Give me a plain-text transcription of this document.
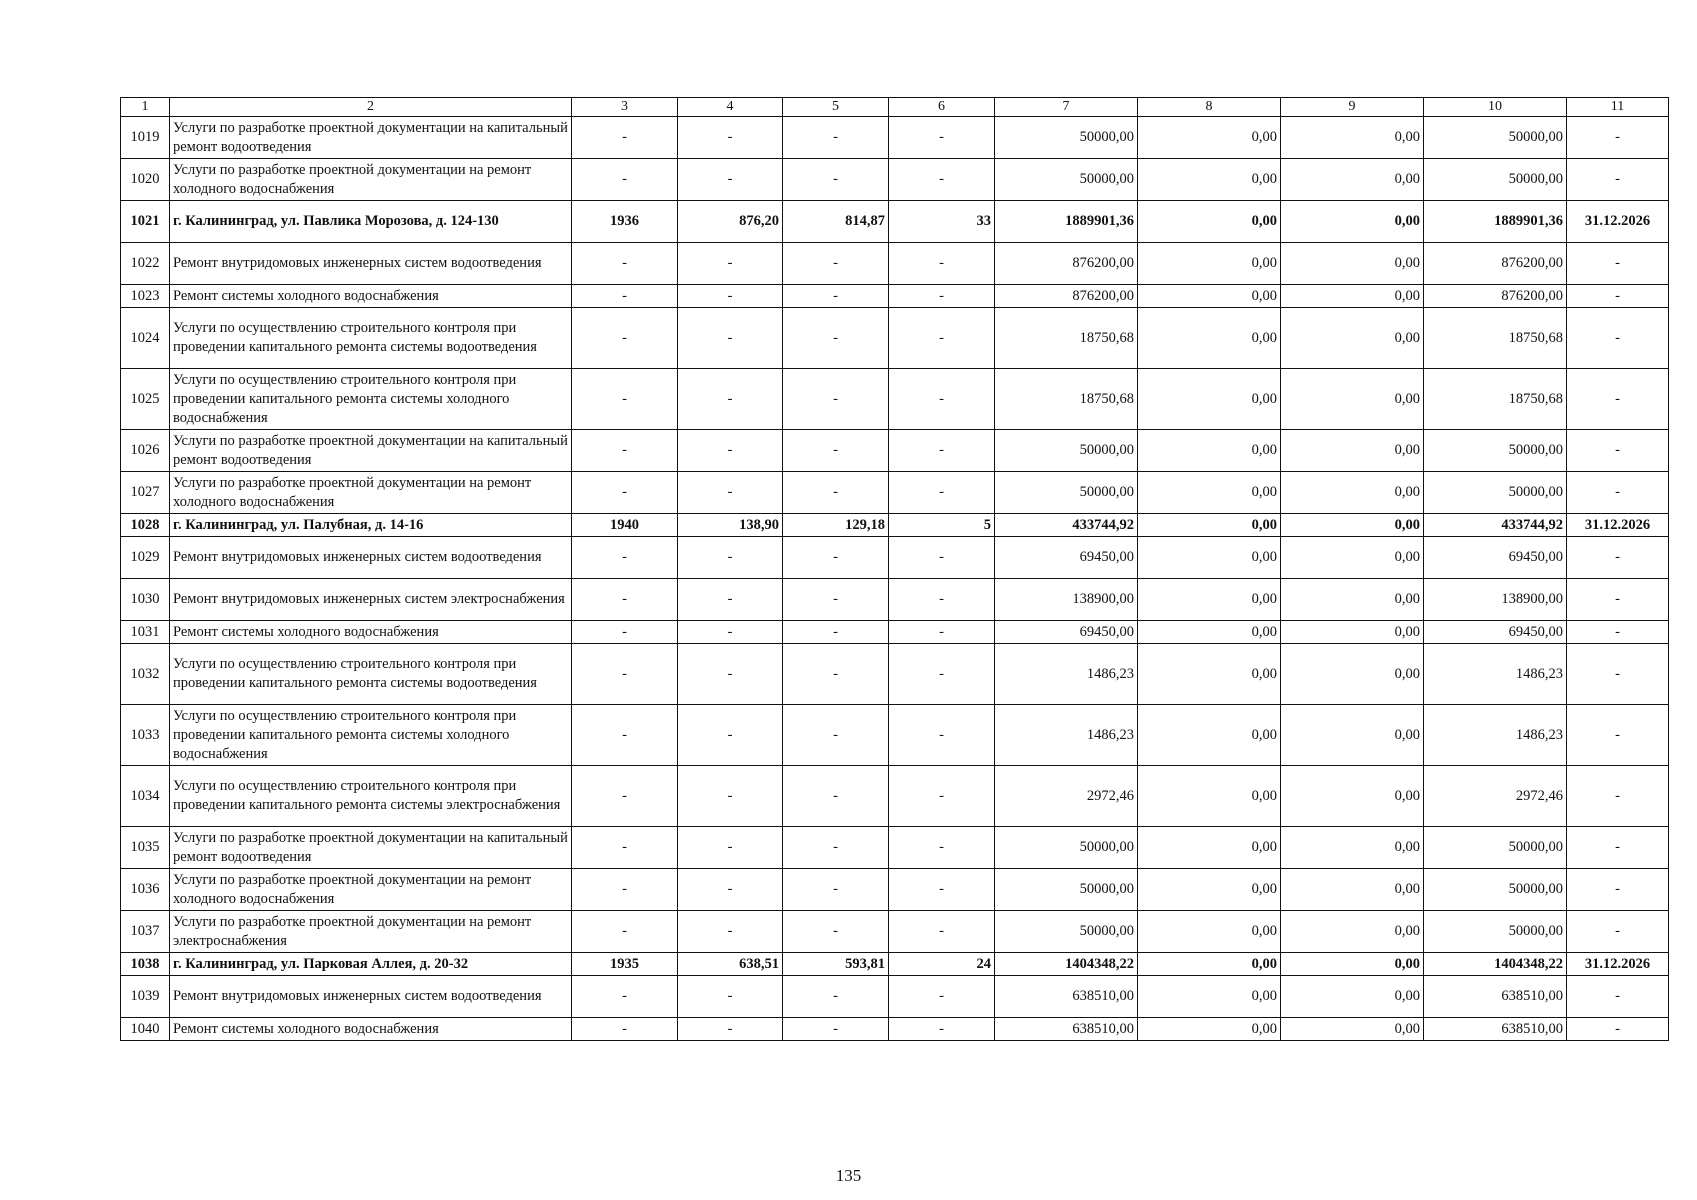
1	2	3	4	5	6	7	8	9	10	11
1019	Услуги по разработке проектной документации на капитальный ремонт водоотведения	-	-	-	-	50000,00	0,00	0,00	50000,00	-
1020	Услуги по разработке проектной документации на ремонт холодного водоснабжения	-	-	-	-	50000,00	0,00	0,00	50000,00	-
1021	г. Калининград, ул. Павлика Морозова, д. 124-130	1936	876,20	814,87	33	1889901,36	0,00	0,00	1889901,36	31.12.2026
1022	Ремонт внутридомовых инженерных систем водоотведения	-	-	-	-	876200,00	0,00	0,00	876200,00	-
1023	Ремонт системы холодного водоснабжения	-	-	-	-	876200,00	0,00	0,00	876200,00	-
1024	Услуги по осуществлению строительного контроля при проведении капитального ремонта системы водоотведения	-	-	-	-	18750,68	0,00	0,00	18750,68	-
1025	Услуги по осуществлению строительного контроля при проведении капитального ремонта системы холодного водоснабжения	-	-	-	-	18750,68	0,00	0,00	18750,68	-
1026	Услуги по разработке проектной документации на капитальный ремонт водоотведения	-	-	-	-	50000,00	0,00	0,00	50000,00	-
1027	Услуги по разработке проектной документации на ремонт холодного водоснабжения	-	-	-	-	50000,00	0,00	0,00	50000,00	-
1028	г. Калининград, ул. Палубная, д. 14-16	1940	138,90	129,18	5	433744,92	0,00	0,00	433744,92	31.12.2026
1029	Ремонт внутридомовых инженерных систем водоотведения	-	-	-	-	69450,00	0,00	0,00	69450,00	-
1030	Ремонт внутридомовых инженерных систем электроснабжения	-	-	-	-	138900,00	0,00	0,00	138900,00	-
1031	Ремонт системы холодного водоснабжения	-	-	-	-	69450,00	0,00	0,00	69450,00	-
1032	Услуги по осуществлению строительного контроля при проведении капитального ремонта системы водоотведения	-	-	-	-	1486,23	0,00	0,00	1486,23	-
1033	Услуги по осуществлению строительного контроля при проведении капитального ремонта системы холодного водоснабжения	-	-	-	-	1486,23	0,00	0,00	1486,23	-
1034	Услуги по осуществлению строительного контроля при проведении капитального ремонта системы электроснабжения	-	-	-	-	2972,46	0,00	0,00	2972,46	-
1035	Услуги по разработке проектной документации на капитальный ремонт водоотведения	-	-	-	-	50000,00	0,00	0,00	50000,00	-
1036	Услуги по разработке проектной документации на ремонт холодного водоснабжения	-	-	-	-	50000,00	0,00	0,00	50000,00	-
1037	Услуги по разработке проектной документации на ремонт электроснабжения	-	-	-	-	50000,00	0,00	0,00	50000,00	-
1038	г. Калининград, ул. Парковая Аллея, д. 20-32	1935	638,51	593,81	24	1404348,22	0,00	0,00	1404348,22	31.12.2026
1039	Ремонт внутридомовых инженерных систем водоотведения	-	-	-	-	638510,00	0,00	0,00	638510,00	-
1040	Ремонт системы холодного водоснабжения	-	-	-	-	638510,00	0,00	0,00	638510,00	-
135
